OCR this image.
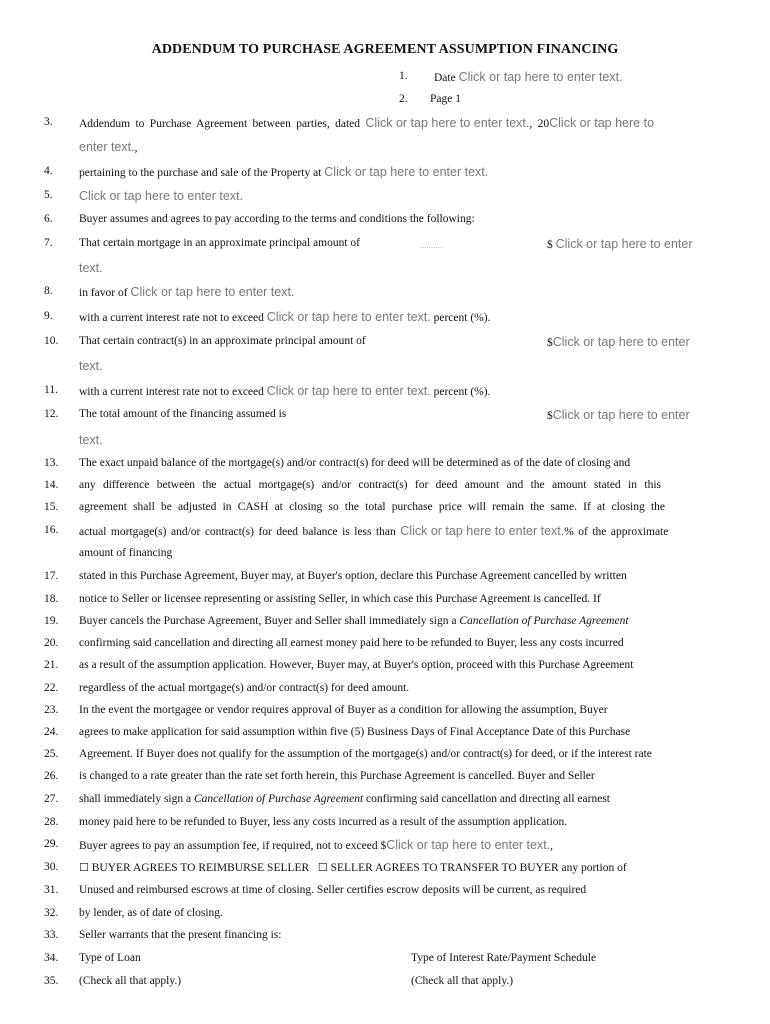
ADDENDUM TO PURCHASE AGREEMENT ASSUMPTION FINANCING
1. Date Click or tap here to enter text.
2. Page 1
3. Addendum to Purchase Agreement between parties, dated Click or tap here to enter text., 20Click or tap here to
enter text.,
4. pertaining to the purchase and sale of the Property at Click or tap here to enter text.
5. Click or tap here to enter text.
6. Buyer assumes and agrees to pay according to the terms and conditions the following:
7. That certain mortgage in an approximate principal amount of	..........	$ Click or tap here to enter
text.
8. in favor of Click or tap here to enter text.
9. with a current interest rate not to exceed Click or tap here to enter text. percent (%).
10. That certain contract(s) in an approximate principal amount of	$Click or tap here to enter
text.
11. with a current interest rate not to exceed Click or tap here to enter text. percent (%).
12. The total amount of the financing assumed is	$Click or tap here to enter
text.
13. The exact unpaid balance of the mortgage(s) and/or contract(s) for deed will be determined as of the date of closing and
14. any difference between the actual mortgage(s) and/or contract(s) for deed amount and the amount stated in this
15. agreement shall be adjusted in CASH at closing so the total purchase price will remain the same. If at closing the
16. actual mortgage(s) and/or contract(s) for deed balance is less than Click or tap here to enter text.% of the approximate
amount of financing
17. stated in this Purchase Agreement, Buyer may, at Buyer's option, declare this Purchase Agreement cancelled by written
18. notice to Seller or licensee representing or assisting Seller, in which case this Purchase Agreement is cancelled. If
19. Buyer cancels the Purchase Agreement, Buyer and Seller shall immediately sign a Cancellation of Purchase Agreement
20. confirming said cancellation and directing all earnest money paid here to be refunded to Buyer, less any costs incurred
21. as a result of the assumption application. However, Buyer may, at Buyer's option, proceed with this Purchase Agreement
22. regardless of the actual mortgage(s) and/or contract(s) for deed amount.
23. In the event the mortgagee or vendor requires approval of Buyer as a condition for allowing the assumption, Buyer
24. agrees to make application for said assumption within five (5) Business Days of Final Acceptance Date of this Purchase
25. Agreement. If Buyer does not qualify for the assumption of the mortgage(s) and/or contract(s) for deed, or if the interest rate
26. is changed to a rate greater than the rate set forth herein, this Purchase Agreement is cancelled. Buyer and Seller
27. shall immediately sign a Cancellation of Purchase Agreement confirming said cancellation and directing all earnest
28. money paid here to be refunded to Buyer, less any costs incurred as a result of the assumption application.
29. Buyer agrees to pay an assumption fee, if required, not to exceed $Click or tap here to enter text.,
30. ☐ BUYER AGREES TO REIMBURSE SELLER ☐ SELLER AGREES TO TRANSFER TO BUYER any portion of
31. Unused and reimbursed escrows at time of closing. Seller certifies escrow deposits will be current, as required
32. by lender, as of date of closing.
33. Seller warrants that the present financing is:
34. Type of Loan	Type of Interest Rate/Payment Schedule
35. (Check all that apply.)	(Check all that apply.)
